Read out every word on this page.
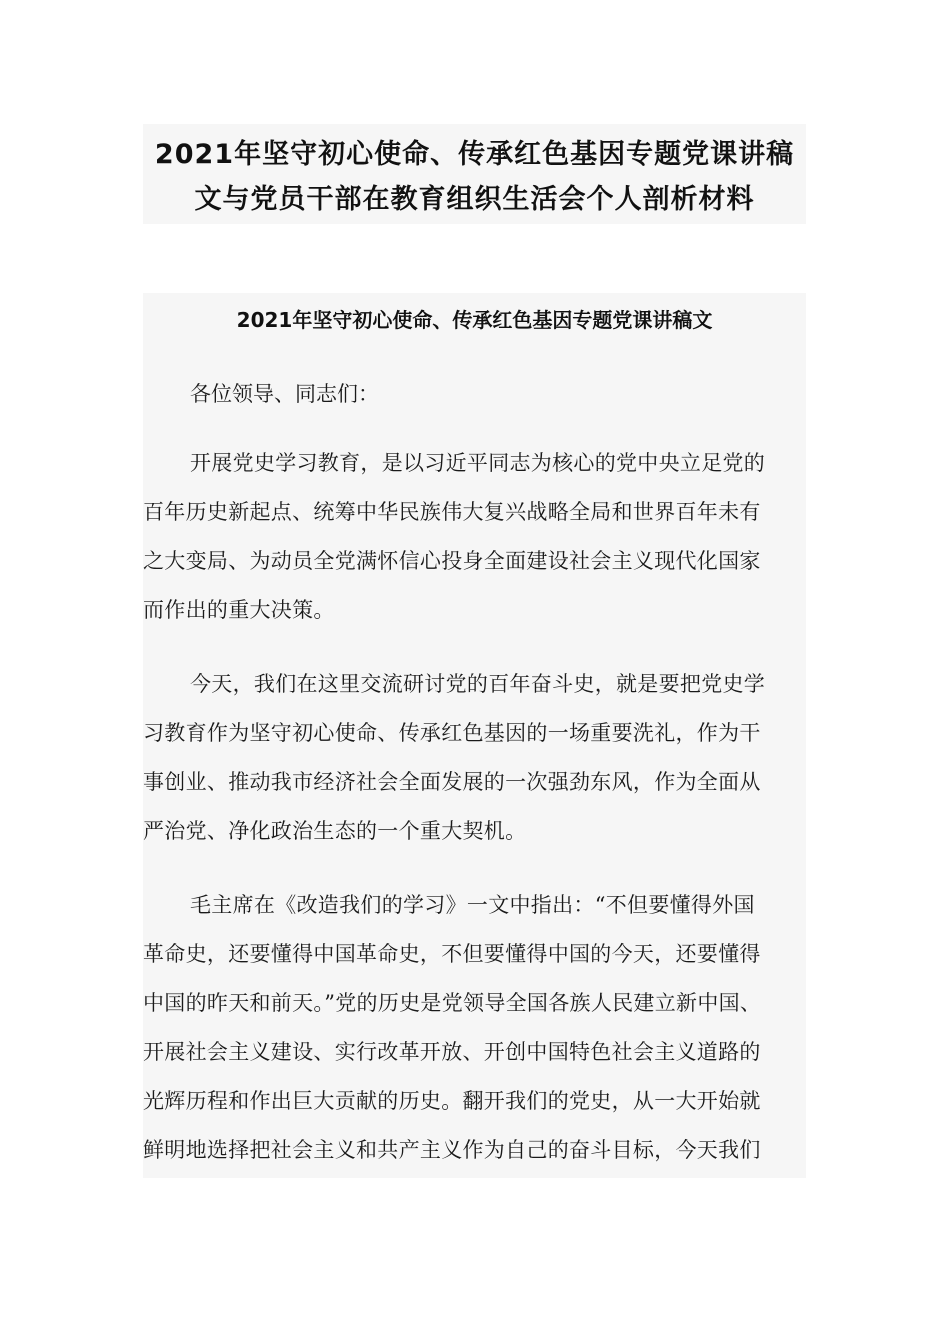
2021年坚守初心使命、传承红色基因专题党课讲稿
文与党员干部在教育组织生活会个人剖析材料
2021年坚守初心使命、传承红色基因专题党课讲稿文

各位领导、同志们：

开展党史学习教育，是以习近平同志为核心的党中央立足党的
百年历史新起点、统筹中华民族伟大复兴战略全局和世界百年未有
之大变局、为动员全党满怀信心投身全面建设社会主义现代化国家
而作出的重大决策。
今天，我们在这里交流研讨党的百年奋斗史，就是要把党史学
习教育作为坚守初心使命、传承红色基因的一场重要洗礼，作为干
事创业、推动我市经济社会全面发展的一次强劲东风，作为全面从
严治党、净化政治生态的一个重大契机。
毛主席在《改造我们的学习》一文中指出：“不但要懂得外国
革命史，还要懂得中国革命史，不但要懂得中国的今天，还要懂得
中国的昨天和前天。”党的历史是党领导全国各族人民建立新中国、
开展社会主义建设、实行改革开放、开创中国特色社会主义道路的
光辉历程和作出巨大贡献的历史。翻开我们的党史，从一大开始就
鲜明地选择把社会主义和共产主义作为自己的奋斗目标，今天我们
